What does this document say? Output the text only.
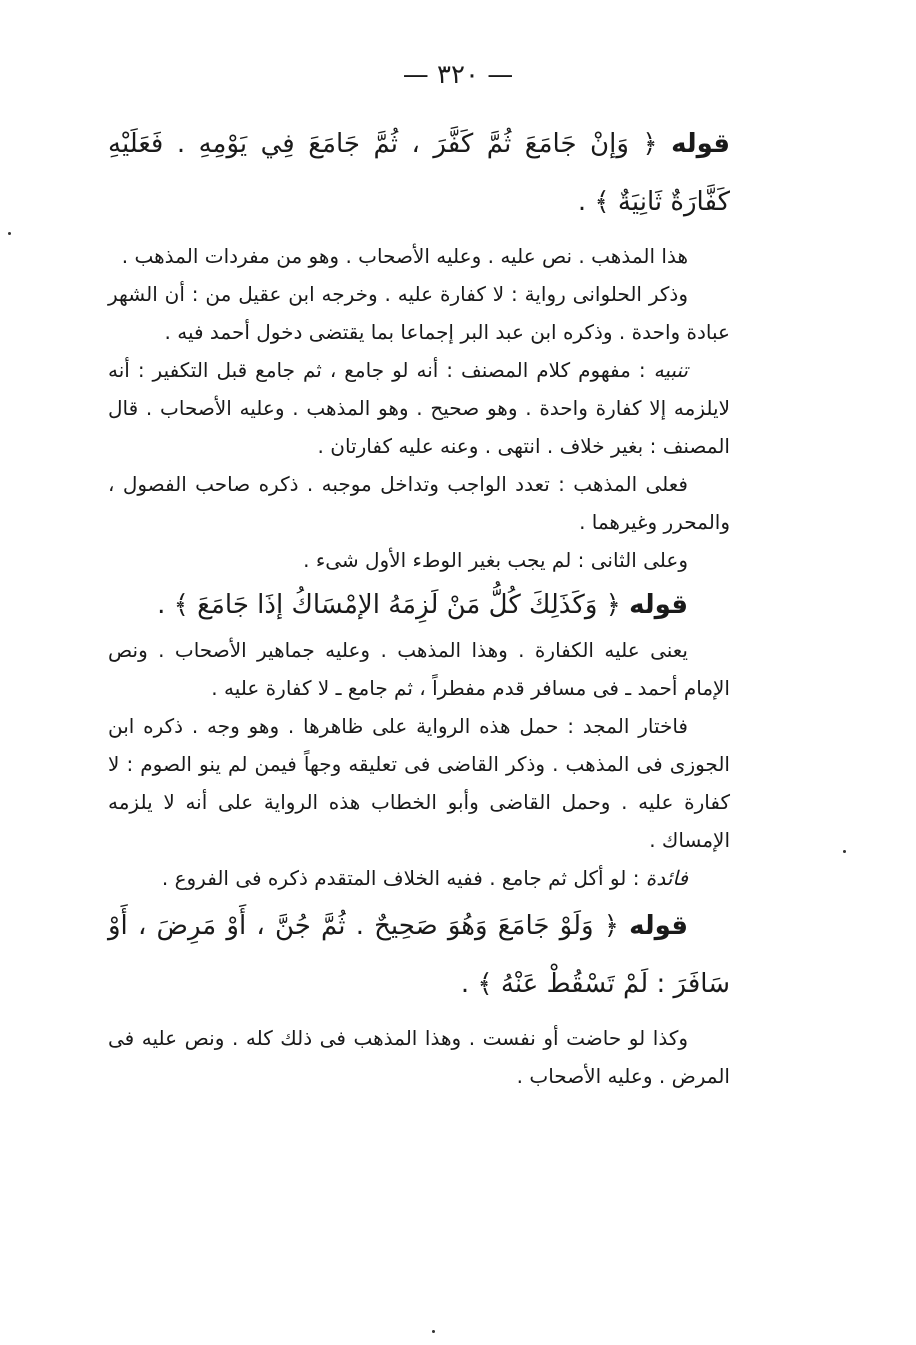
— ٣٢٠ —

قوله ﴿ وَإنْ جَامَعَ ثُمَّ كَفَّرَ ، ثُمَّ جَامَعَ فِي يَوْمِهِ . فَعَلَيْهِ كَفَّارَةٌ ثَانِيَةٌ ﴾ .

هذا المذهب . نص عليه . وعليه الأصحاب . وهو من مفردات المذهب .

وذكر الحلوانى رواية : لا كفارة عليه . وخرجه ابن عقيل من : أن الشهر عبادة واحدة . وذكره ابن عبد البر إجماعا بما يقتضى دخول أحمد فيه .

تنبيه : مفهوم كلام المصنف : أنه لو جامع ، ثم جامع قبل التكفير : أنه لايلزمه إلا كفارة واحدة . وهو صحيح . وهو المذهب . وعليه الأصحاب . قال المصنف : بغير خلاف . انتهى . وعنه عليه كفارتان .

فعلى المذهب : تعدد الواجب وتداخل موجبه . ذكره صاحب الفصول ، والمحرر وغيرهما .

وعلى الثانى : لم يجب بغير الوطء الأول شىء .

قوله ﴿ وَكَذَلِكَ كُلُّ مَنْ لَزِمَهُ الإمْسَاكُ إذَا جَامَعَ ﴾ .

يعنى عليه الكفارة . وهذا المذهب . وعليه جماهير الأصحاب . ونص الإمام أحمد ـ فى مسافر قدم مفطراً ، ثم جامع ـ لا كفارة عليه .

فاختار المجد : حمل هذه الرواية على ظاهرها . وهو وجه . ذكره ابن الجوزى فى المذهب . وذكر القاضى فى تعليقه وجهاً فيمن لم ينو الصوم : لا كفارة عليه . وحمل القاضى وأبو الخطاب هذه الرواية على أنه لا يلزمه الإمساك .

فائدة : لو أكل ثم جامع . ففيه الخلاف المتقدم ذكره فى الفروع .

قوله ﴿ وَلَوْ جَامَعَ وَهُوَ صَحِيحٌ . ثُمَّ جُنَّ ، أَوْ مَرِضَ ، أَوْ سَافَرَ : لَمْ تَسْقُطْ عَنْهُ ﴾ .

وكذا لو حاضت أو نفست . وهذا المذهب فى ذلك كله . ونص عليه فى المرض . وعليه الأصحاب .
